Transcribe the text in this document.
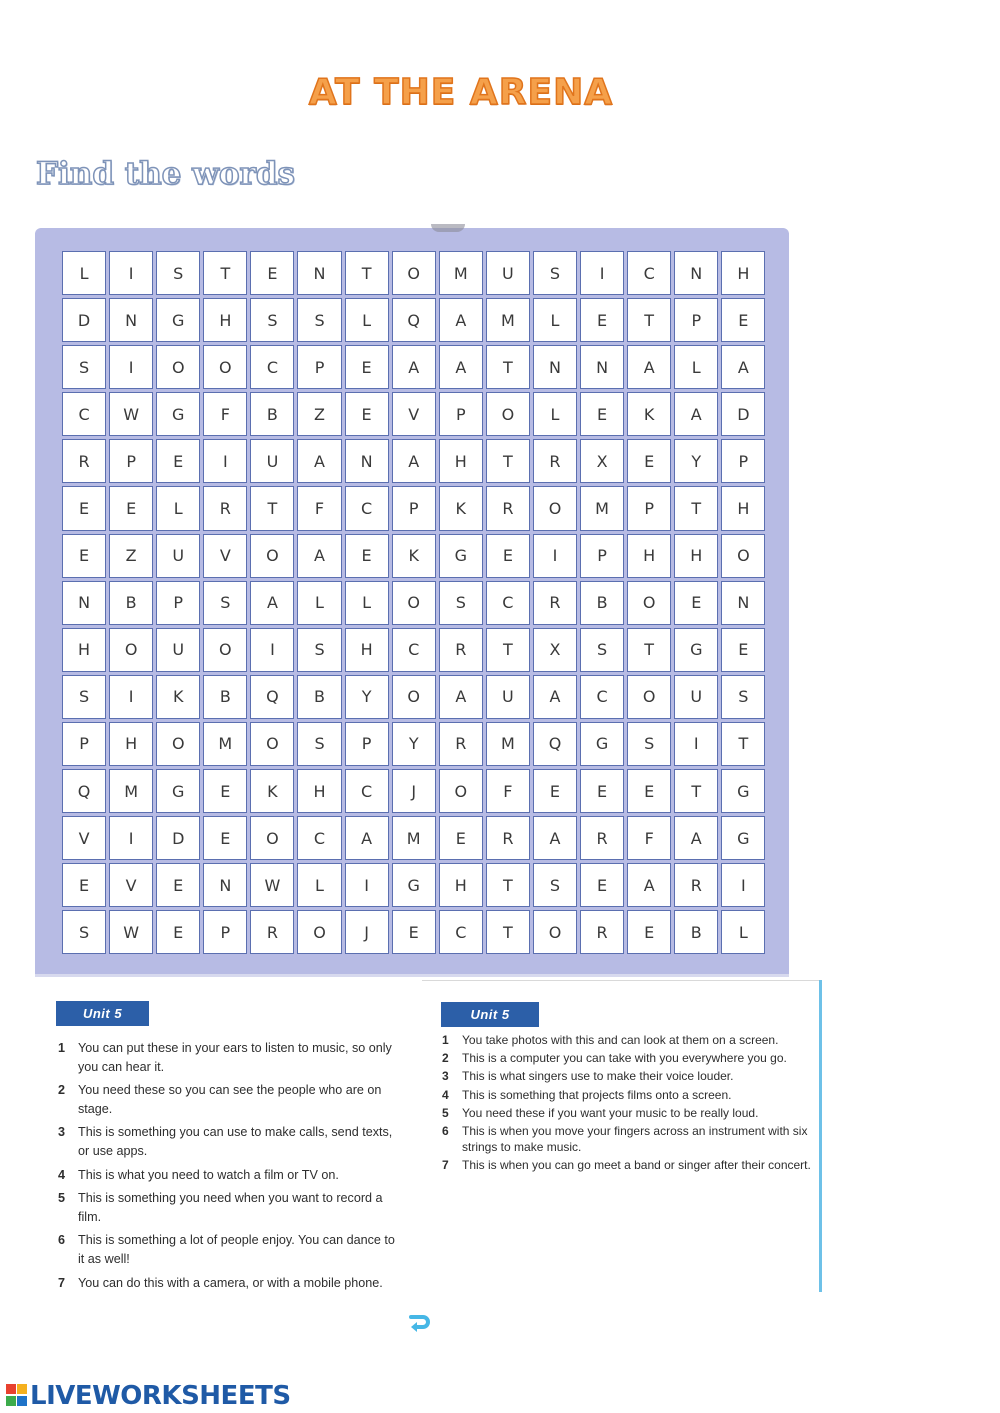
AT THE ARENA
Find the words
L	I	S	T	E	N	T	O	M	U	S	I	C	N	H
D	N	G	H	S	S	L	Q	A	M	L	E	T	P	E
S	I	O	O	C	P	E	A	A	T	N	N	A	L	A
C	W	G	F	B	Z	E	V	P	O	L	E	K	A	D
R	P	E	I	U	A	N	A	H	T	R	X	E	Y	P
E	E	L	R	T	F	C	P	K	R	O	M	P	T	H
E	Z	U	V	O	A	E	K	G	E	I	P	H	H	O
N	B	P	S	A	L	L	O	S	C	R	B	O	E	N
H	O	U	O	I	S	H	C	R	T	X	S	T	G	E
S	I	K	B	Q	B	Y	O	A	U	A	C	O	U	S
P	H	O	M	O	S	P	Y	R	M	Q	G	S	I	T
Q	M	G	E	K	H	C	J	O	F	E	E	E	T	G
V	I	D	E	O	C	A	M	E	R	A	R	F	A	G
E	V	E	N	W	L	I	G	H	T	S	E	A	R	I
S	W	E	P	R	O	J	E	C	T	O	R	E	B	L
Unit 5
1 You can put these in your ears to listen to music, so only you can hear it.
2 You need these so you can see the people who are on stage.
3 This is something you can use to make calls, send texts, or use apps.
4 This is what you need to watch a film or TV on.
5 This is something you need when you want to record a film.
6 This is something a lot of people enjoy. You can dance to it as well!
7 You can do this with a camera, or with a mobile phone.
Unit 5
1 You take photos with this and can look at them on a screen.
2 This is a computer you can take with you everywhere you go.
3 This is what singers use to make their voice louder.
4 This is something that projects films onto a screen.
5 You need these if you want your music to be really loud.
6 This is when you move your fingers across an instrument with six strings to make music.
7 This is when you can go meet a band or singer after their concert.
LIVEWORKSHEETS
